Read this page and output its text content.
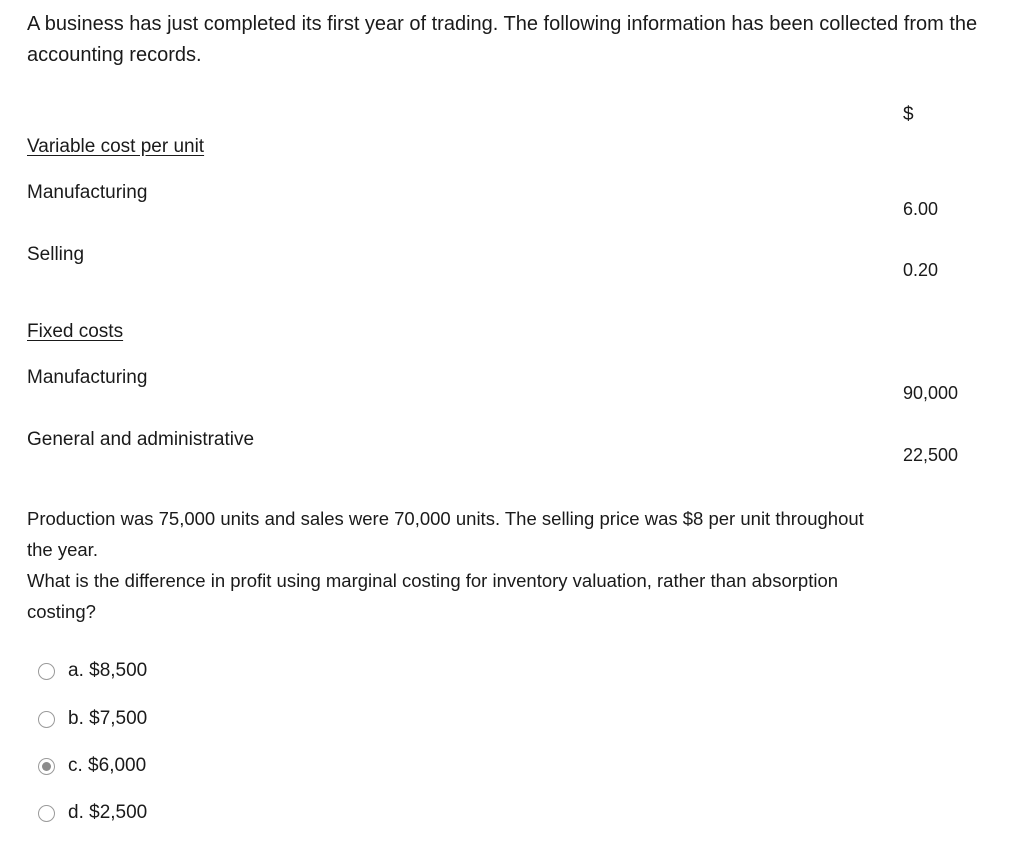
A business has just completed its first year of trading. The following information has been collected from the accounting records.

$
Variable cost per unit
Manufacturing
6.00
Selling
0.20
Fixed costs
Manufacturing
90,000
General and administrative
22,500
Production was 75,000 units and sales were 70,000 units. The selling price was $8 per unit throughout the year.
What is the difference in profit using marginal costing for inventory valuation, rather than absorption costing?
a. $8,500
b. $7,500
c. $6,000
d. $2,500
